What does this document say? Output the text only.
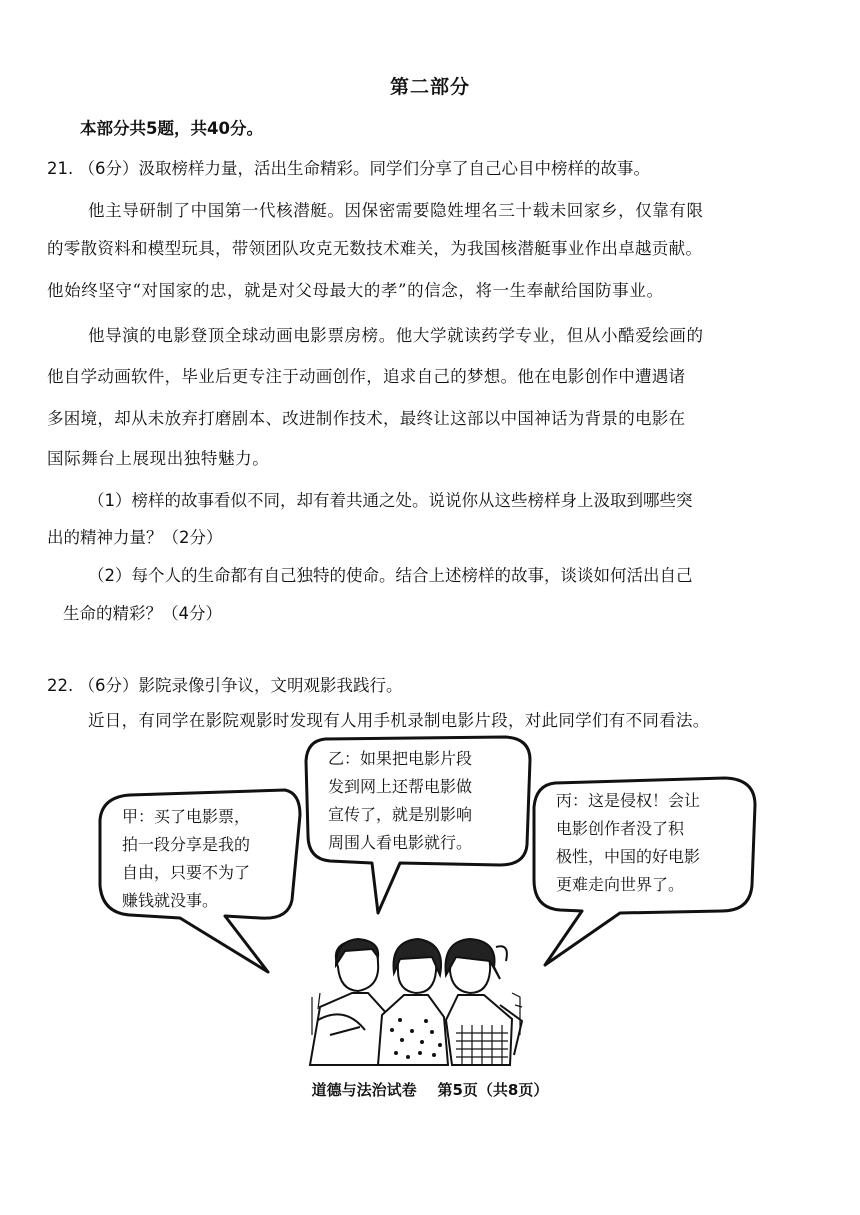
第二部分
本部分共5题，共40分。
21. （6分）汲取榜样力量，活出生命精彩。同学们分享了自己心目中榜样的故事。
他主导研制了中国第一代核潜艇。因保密需要隐姓埋名三十载未回家乡，仅靠有限
的零散资料和模型玩具，带领团队攻克无数技术难关，为我国核潜艇事业作出卓越贡献。
他始终坚守“对国家的忠，就是对父母最大的孝”的信念，将一生奉献给国防事业。
他导演的电影登顶全球动画电影票房榜。他大学就读药学专业，但从小酷爱绘画的
他自学动画软件，毕业后更专注于动画创作，追求自己的梦想。他在电影创作中遭遇诸
多困境，却从未放弃打磨剧本、改进制作技术，最终让这部以中国神话为背景的电影在
国际舞台上展现出独特魅力。
（1）榜样的故事看似不同，却有着共通之处。说说你从这些榜样身上汲取到哪些突
出的精神力量？（2分）
（2）每个人的生命都有自己独特的使命。结合上述榜样的故事，谈谈如何活出自己
生命的精彩？（4分）
22. （6分）影院录像引争议，文明观影我践行。
近日，有同学在影院观影时发现有人用手机录制电影片段，对此同学们有不同看法。
甲：买了电影票，
拍一段分享是我的
自由，只要不为了
赚钱就没事。
乙：如果把电影片段
发到网上还帮电影做
宣传了，就是别影响
周围人看电影就行。
丙：这是侵权！会让
电影创作者没了积
极性，中国的好电影
更难走向世界了。
道德与法治试卷    第5页（共8页）
